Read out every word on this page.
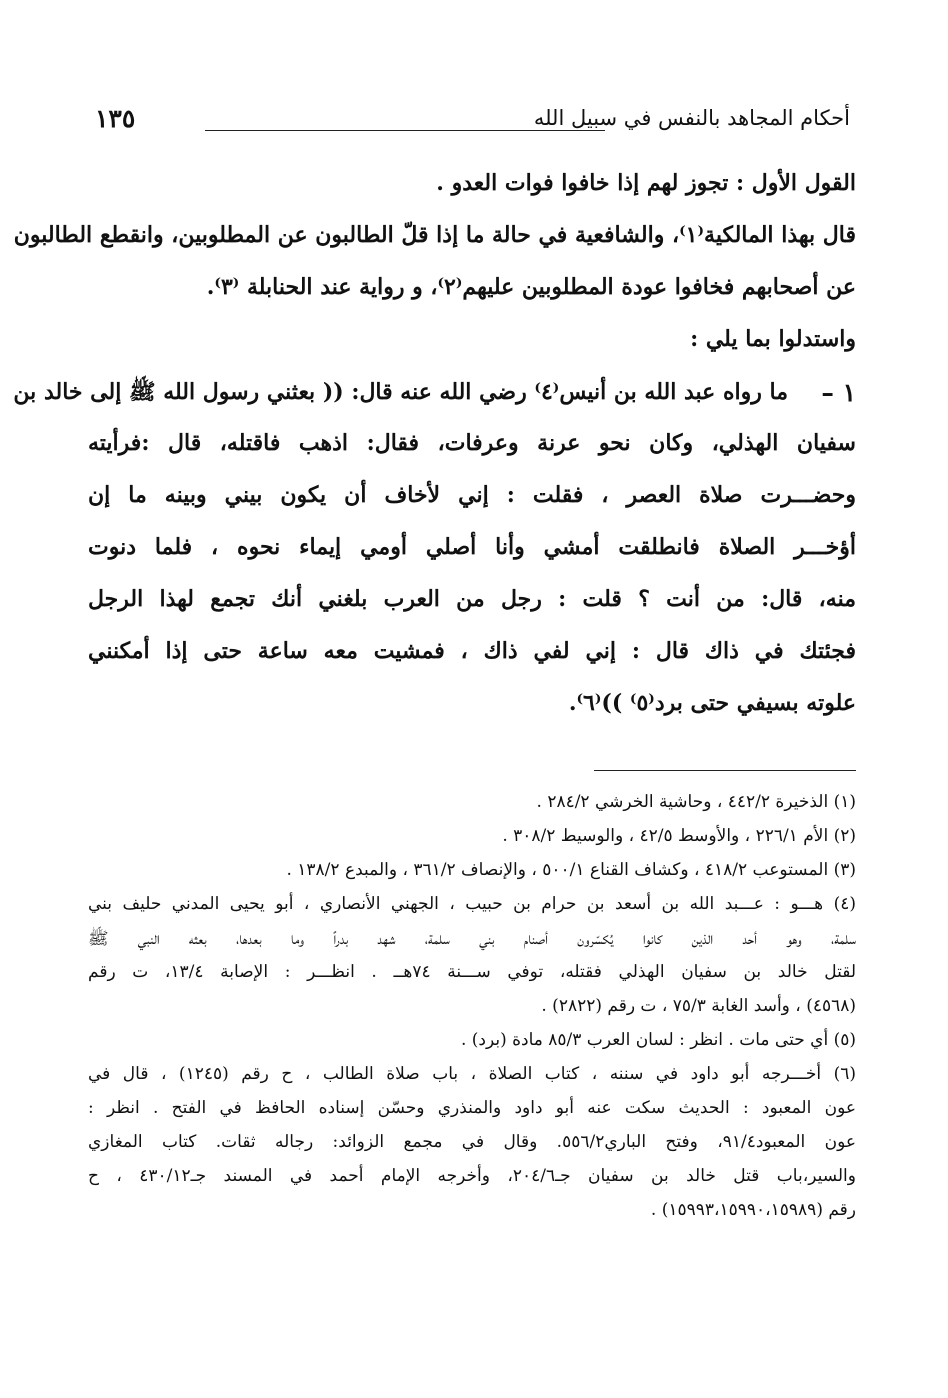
١٣٥	أحكام المجاهد بالنفس في سبيل الله
القول الأول : تجوز لهم إذا خافوا فوات العدو .
قال بهذا المالكية⁽١⁾، والشافعية في حالة ما إذا قلّ الطالبون عن المطلوبين، وانقطع الطالبون
عن أصحابهم فخافوا عودة المطلوبين عليهم⁽٢⁾، و رواية عند الحنابلة ⁽٣⁾.
واستدلوا بما يلي :
١ –
ما رواه عبد الله بن أنيس⁽٤⁾ رضي الله عنه قال: (( بعثني رسول الله ﷺ إلى خالد بن
سفيان الهذلي، وكان نحو عرنة وعرفات، فقال: اذهب فاقتله، قال :فرأيته
وحضـــرت صلاة العصر ، فقلت : إني لأخاف أن يكون بيني وبينه ما إن
أؤخـــر الصلاة فانطلقت أمشي وأنا أصلي أومي إيماء نحوه ، فلما دنوت
منه، قال: من أنت ؟ قلت : رجل من العرب بلغني أنك تجمع لهذا الرجل
فجئتك في ذاك قال : إني لفي ذاك ، فمشيت معه ساعة حتى إذا أمكنني
علوته بسيفي حتى برد⁽٥⁾ ))⁽٦⁾.
(١) الذخيرة ٤٤٢/٢ ، وحاشية الخرشي ٢٨٤/٢ .
(٢) الأم ٢٢٦/١ ، والأوسط ٤٢/٥ ، والوسيط ٣٠٨/٢ .
(٣) المستوعب ٤١٨/٢ ، وكشاف القناع ٥٠٠/١ ، والإنصاف ٣٦١/٢ ، والمبدع ١٣٨/٢ .
(٤) هـــو : عـــبد الله بن أسعد بن حرام بن حبيب ، الجهني الأنصاري ، أبو يحيى المدني حليف بني
سلمة، وهو أحد الذين كانوا يُكسّرون أصنام بني سلمة، شهد بدراً وما بعدها، بعثه النبي ﷺ
لقتل خالد بن سفيان الهذلي فقتله، توفي ســـنة ٧٤هــ . انظـــر : الإصابة ١٣/٤، ت رقم
(٤٥٦٨) ، وأسد الغابة ٧٥/٣ ، ت رقم (٢٨٢٢) .
(٥) أي حتى مات . انظر : لسان العرب ٨٥/٣ مادة (برد) .
(٦) أخـــرجه أبو داود في سننه ، كتاب الصلاة ، باب صلاة الطالب ، ح رقم (١٢٤٥) ، قال في
عون المعبود : الحديث سكت عنه أبو داود والمنذري وحسّن إسناده الحافظ في الفتح . انظر :
عون المعبود٩١/٤، وفتح الباري٥٥٦/٢. وقال في مجمع الزوائد: رجاله ثقات. كتاب المغازي
والسير،باب قتل خالد بن سفيان جـ٢٠٤/٦، وأخرجه الإمام أحمد في المسند جـ٤٣٠/١٢ ، ح
رقم (١٥٩٩٣،١٥٩٩٠،١٥٩٨٩) .
